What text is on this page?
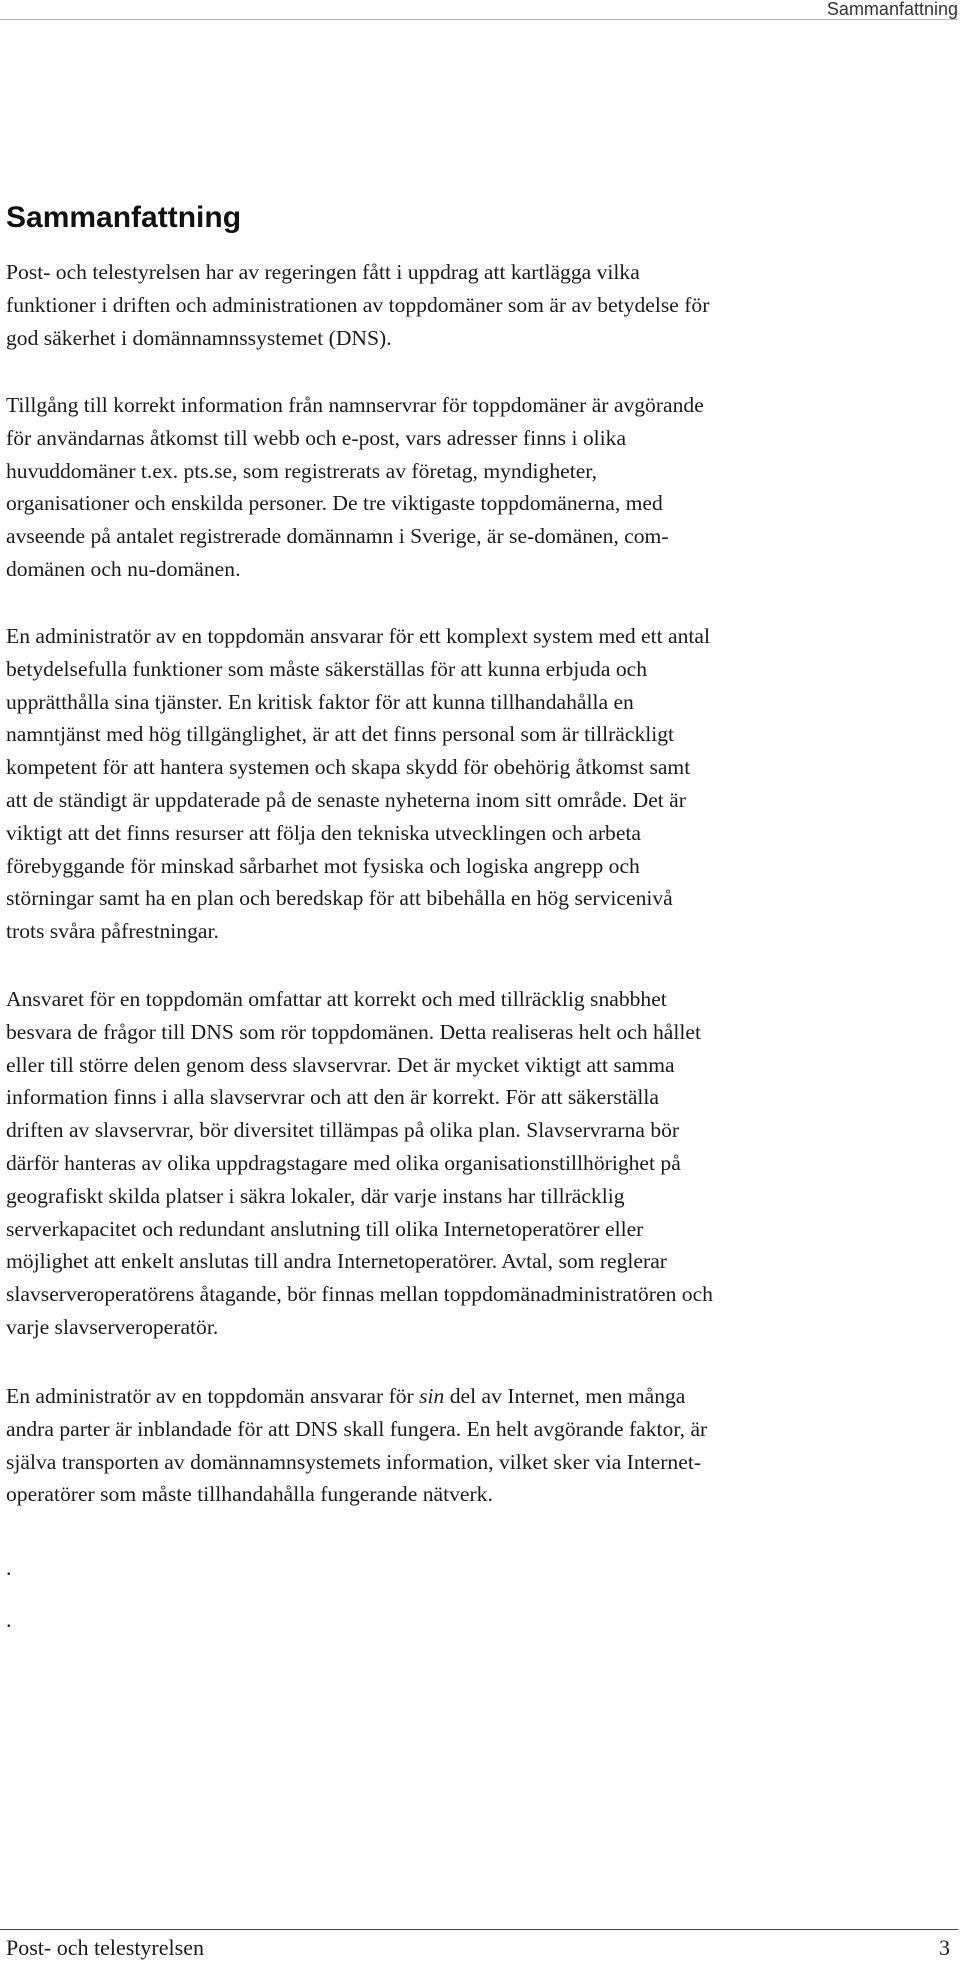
Sammanfattning
Sammanfattning

Post- och telestyrelsen har av regeringen fått i uppdrag att kartlägga vilka
funktioner i driften och administrationen av toppdomäner som är av betydelse för
god säkerhet i domännamnssystemet (DNS).

Tillgång till korrekt information från namnservrar för toppdomäner är avgörande
för användarnas åtkomst till webb och e-post, vars adresser finns i olika
huvuddomäner t.ex. pts.se, som registrerats av företag, myndigheter,
organisationer och enskilda personer. De tre viktigaste toppdomänerna, med
avseende på antalet registrerade domännamn i Sverige, är se-domänen, com-
domänen och nu-domänen.

En administratör av en toppdomän ansvarar för ett komplext system med ett antal
betydelsefulla funktioner som måste säkerställas för att kunna erbjuda och
upprätthålla sina tjänster. En kritisk faktor för att kunna tillhandahålla en
namntjänst med hög tillgänglighet, är att det finns personal som är tillräckligt
kompetent för att hantera systemen och skapa skydd för obehörig åtkomst samt
att de ständigt är uppdaterade på de senaste nyheterna inom sitt område. Det är
viktigt att det finns resurser att följa den tekniska utvecklingen och arbeta
förebyggande för minskad sårbarhet mot fysiska och logiska angrepp och
störningar samt ha en plan och beredskap för att bibehålla en hög servicenivå
trots svåra påfrestningar.

Ansvaret för en toppdomän omfattar att korrekt och med tillräcklig snabbhet
besvara de frågor till DNS som rör toppdomänen. Detta realiseras helt och hållet
eller till större delen genom dess slavservrar. Det är mycket viktigt att samma
information finns i alla slavservrar och att den är korrekt. För att säkerställa
driften av slavservrar, bör diversitet tillämpas på olika plan. Slavservrarna bör
därför hanteras av olika uppdragstagare med olika organisationstillhörighet på
geografiskt skilda platser i säkra lokaler, där varje instans har tillräcklig
serverkapacitet och redundant anslutning till olika Internetoperatörer eller
möjlighet att enkelt anslutas till andra Internetoperatörer. Avtal, som reglerar
slavserveroperatörens åtagande, bör finnas mellan toppdomänadministratören och
varje slavserveroperatör.

En administratör av en toppdomän ansvarar för sin del av Internet, men många
andra parter är inblandade för att DNS skall fungera. En helt avgörande faktor, är
själva transporten av domännamnsystemets information, vilket sker via Internet-
operatörer som måste tillhandahålla fungerande nätverk.

.

.

Post- och telestyrelsen	3
